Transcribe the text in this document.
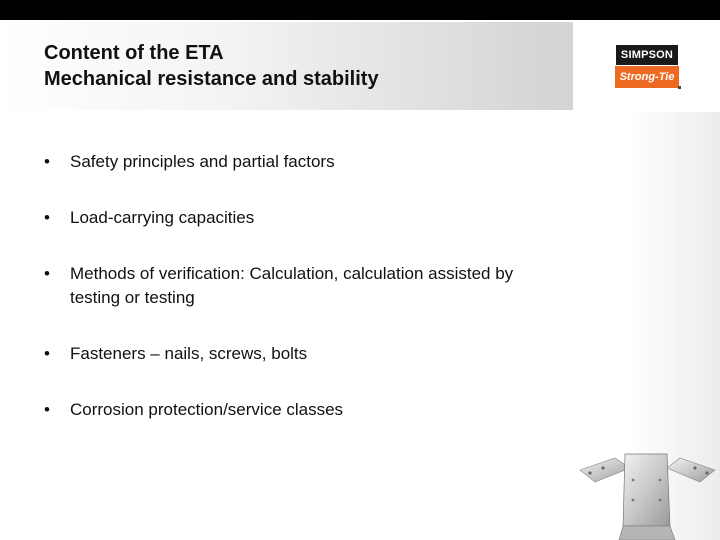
Content of the ETA
Mechanical resistance and stability
SIMPSON
Strong-Tie
• Safety principles and partial factors
• Load-carrying capacities
• Methods of verification: Calculation, calculation assisted by testing or testing
• Fasteners – nails, screws, bolts
• Corrosion protection/service classes
